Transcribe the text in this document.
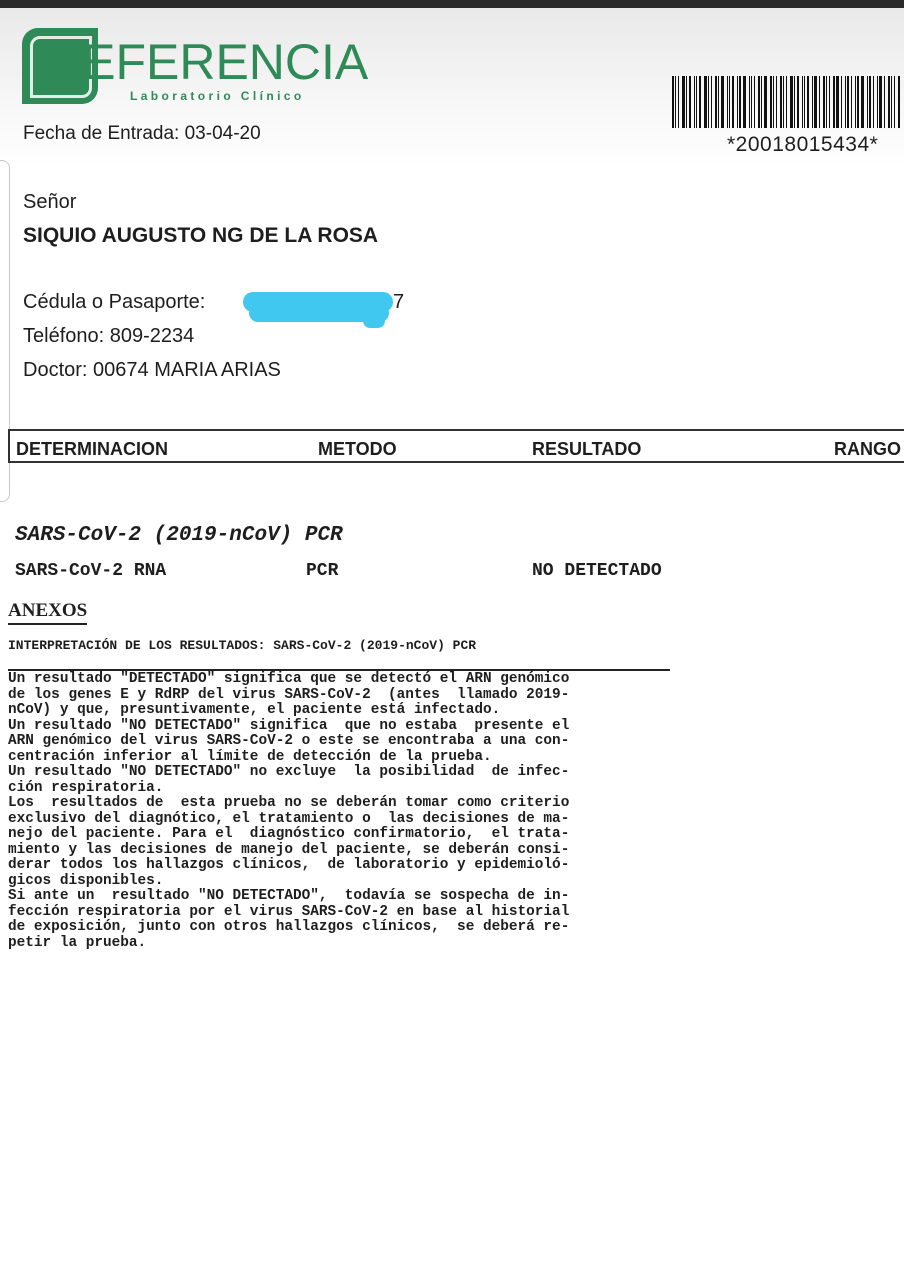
REFERENCIA
Laboratorio Clínico
Fecha de Entrada: 03-04-20	*20018015434*
Señor
SIQUIO AUGUSTO NG DE LA ROSA
Cédula o Pasaporte:	7
Teléfono: 809-2234
Doctor: 00674 MARIA ARIAS
DETERMINACION	METODO	RESULTADO	RANGO
SARS-CoV-2 (2019-nCoV) PCR
SARS-CoV-2 RNA	PCR	NO DETECTADO
ANEXOS
INTERPRETACIÓN DE LOS RESULTADOS: SARS-CoV-2 (2019-nCoV) PCR
Un resultado "DETECTADO" significa que se detectó el ARN genómico
de los genes E y RdRP del virus SARS-CoV-2  (antes  llamado 2019-
nCoV) y que, presuntivamente, el paciente está infectado.
Un resultado "NO DETECTADO" significa  que no estaba  presente el
ARN genómico del virus SARS-CoV-2 o este se encontraba a una con-
centración inferior al límite de detección de la prueba.
Un resultado "NO DETECTADO" no excluye  la posibilidad  de infec-
ción respiratoria.
Los  resultados de  esta prueba no se deberán tomar como criterio
exclusivo del diagnótico, el tratamiento o  las decisiones de ma-
nejo del paciente. Para el  diagnóstico confirmatorio,  el trata-
miento y las decisiones de manejo del paciente, se deberán consi-
derar todos los hallazgos clínicos,  de laboratorio y epidemioló-
gicos disponibles.
Si ante un  resultado "NO DETECTADO",  todavía se sospecha de in-
fección respiratoria por el virus SARS-CoV-2 en base al historial
de exposición, junto con otros hallazgos clínicos,  se deberá re-
petir la prueba.
